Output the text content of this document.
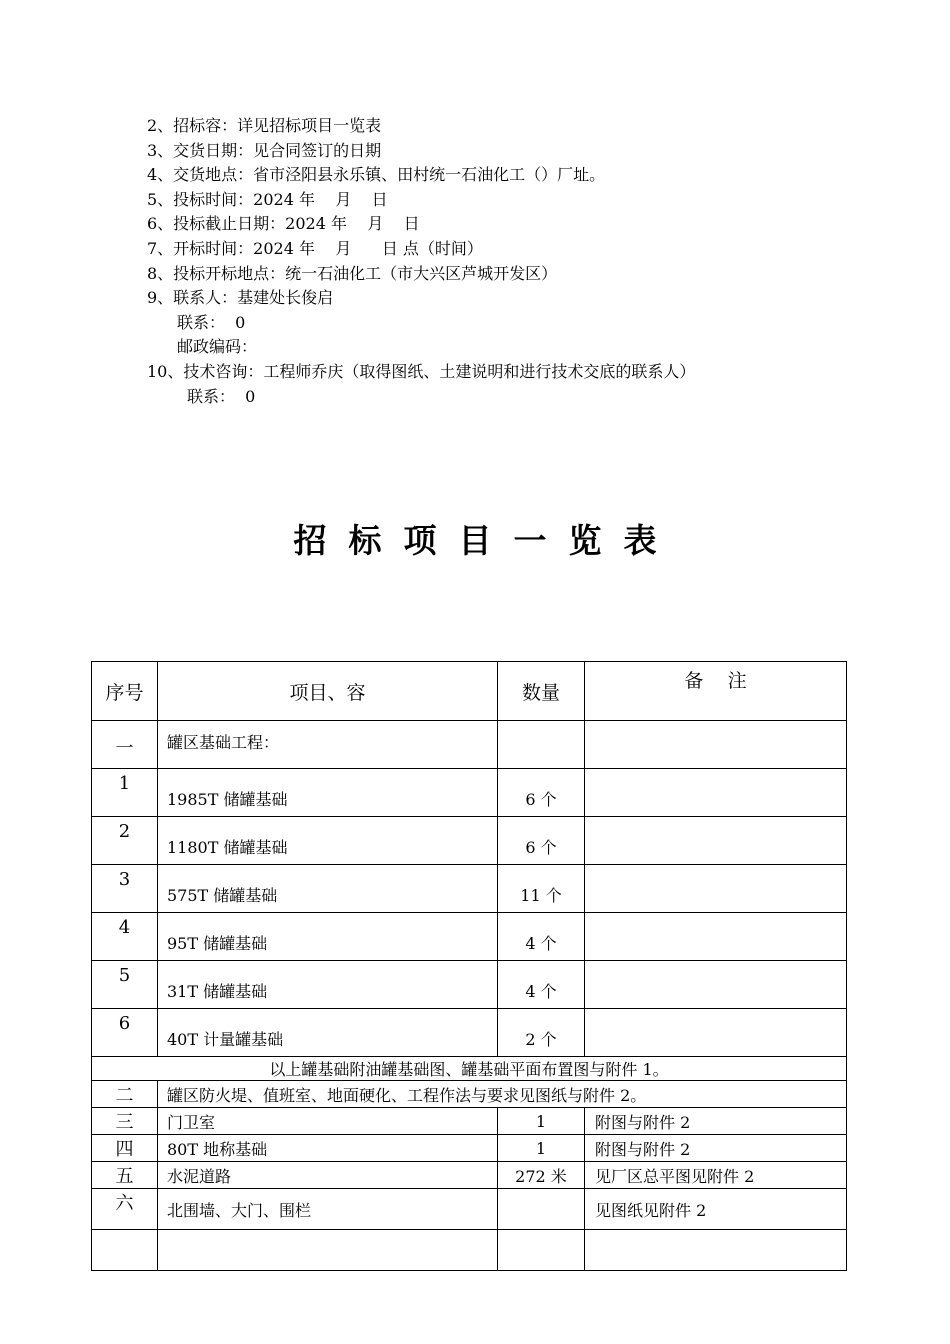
2、招标容：详见招标项目一览表
3、交货日期：见合同签订的日期
4、交货地点：省市泾阳县永乐镇、田村统一石油化工（）厂址。
5、投标时间：2024 年    月    日
6、投标截止日期：2024 年    月    日
7、开标时间：2024 年    月      日 点（时间）
8、投标开标地点：统一石油化工（市大兴区芦城开发区）
9、联系人：基建处长俊启
联系：  0
邮政编码：
10、技术咨询：工程师乔庆（取得图纸、土建说明和进行技术交底的联系人）
联系：  0
招标项目一览表
序号	项目、容	数量	备    注
一	罐区基础工程：		
1	1985T 储罐基础	6 个	
2	1180T 储罐基础	6 个	
3	575T 储罐基础	11 个	
4	95T 储罐基础	4 个	
5	31T 储罐基础	4 个	
6	40T 计量罐基础	2 个	
以上罐基础附油罐基础图、罐基础平面布置图与附件 1。			
二	罐区防火堤、值班室、地面硬化、工程作法与要求见图纸与附件 2。		
三	门卫室	1	附图与附件 2
四	80T 地称基础	1	附图与附件 2
五	水泥道路	272 米	见厂区总平图见附件 2
六	北围墙、大门、围栏		见图纸见附件 2
